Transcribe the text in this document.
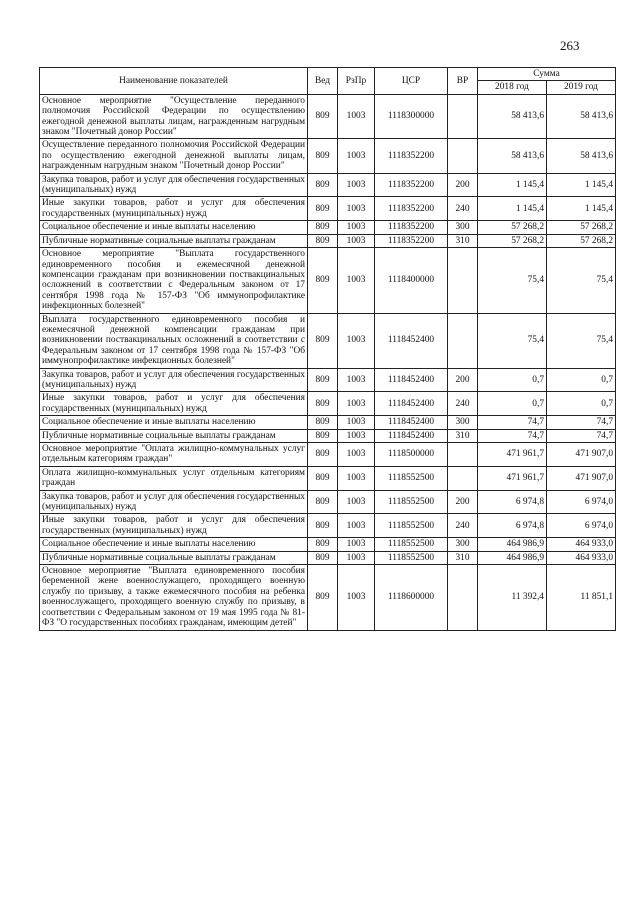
263
Наименование показателей	Вед	РзПр	ЦСР	ВР	Сумма	
					2018 год	2019 год
Основное мероприятие "Осуществление переданного полномочия Российской Федерации по осуществлению ежегодной денежной выплаты лицам, награжденным нагрудным знаком "Почетный донор России"	809	1003	1118300000		58 413,6	58 413,6
Осуществление переданного полномочия Российской Федерации по осуществлению ежегодной денежной выплаты лицам, награжденным нагрудным знаком "Почетный донор России"	809	1003	1118352200		58 413,6	58 413,6
Закупка товаров, работ и услуг для обеспечения государственных (муниципальных) нужд	809	1003	1118352200	200	1 145,4	1 145,4
Иные закупки товаров, работ и услуг для обеспечения государственных (муниципальных) нужд	809	1003	1118352200	240	1 145,4	1 145,4
Социальное обеспечение и иные выплаты населению	809	1003	1118352200	300	57 268,2	57 268,2
Публичные нормативные социальные выплаты гражданам	809	1003	1118352200	310	57 268,2	57 268,2
Основное мероприятие "Выплата государственного единовременного пособия и ежемесячной денежной компенсации гражданам при возникновении поствакцинальных осложнений в соответствии с Федеральным законом от 17 сентября 1998 года № 157-ФЗ "Об иммунопрофилактике инфекционных болезней"	809	1003	1118400000		75,4	75,4
Выплата государственного единовременного пособия и ежемесячной денежной компенсации гражданам при возникновении поствакцинальных осложнений в соответствии с Федеральным законом от 17 сентября 1998 года № 157-ФЗ "Об иммунопрофилактике инфекционных болезней"	809	1003	1118452400		75,4	75,4
Закупка товаров, работ и услуг для обеспечения государственных (муниципальных) нужд	809	1003	1118452400	200	0,7	0,7
Иные закупки товаров, работ и услуг для обеспечения государственных (муниципальных) нужд	809	1003	1118452400	240	0,7	0,7
Социальное обеспечение и иные выплаты населению	809	1003	1118452400	300	74,7	74,7
Публичные нормативные социальные выплаты гражданам	809	1003	1118452400	310	74,7	74,7
Основное мероприятие "Оплата жилищно-коммунальных услуг отдельным категориям граждан"	809	1003	1118500000		471 961,7	471 907,0
Оплата жилищно-коммунальных услуг отдельным категориям граждан	809	1003	1118552500		471 961,7	471 907,0
Закупка товаров, работ и услуг для обеспечения государственных (муниципальных) нужд	809	1003	1118552500	200	6 974,8	6 974,0
Иные закупки товаров, работ и услуг для обеспечения государственных (муниципальных) нужд	809	1003	1118552500	240	6 974,8	6 974,0
Социальное обеспечение и иные выплаты населению	809	1003	1118552500	300	464 986,9	464 933,0
Публичные нормативные социальные выплаты гражданам	809	1003	1118552500	310	464 986,9	464 933,0
Основное мероприятие "Выплата единовременного пособия беременной жене военнослужащего, проходящего военную службу по призыву, а также ежемесячного пособия на ребенка военнослужащего, проходящего военную службу по призыву, в соответствии с Федеральным законом от 19 мая 1995 года № 81-ФЗ "О государственных пособиях гражданам, имеющим детей"	809	1003	1118600000		11 392,4	11 851,1
